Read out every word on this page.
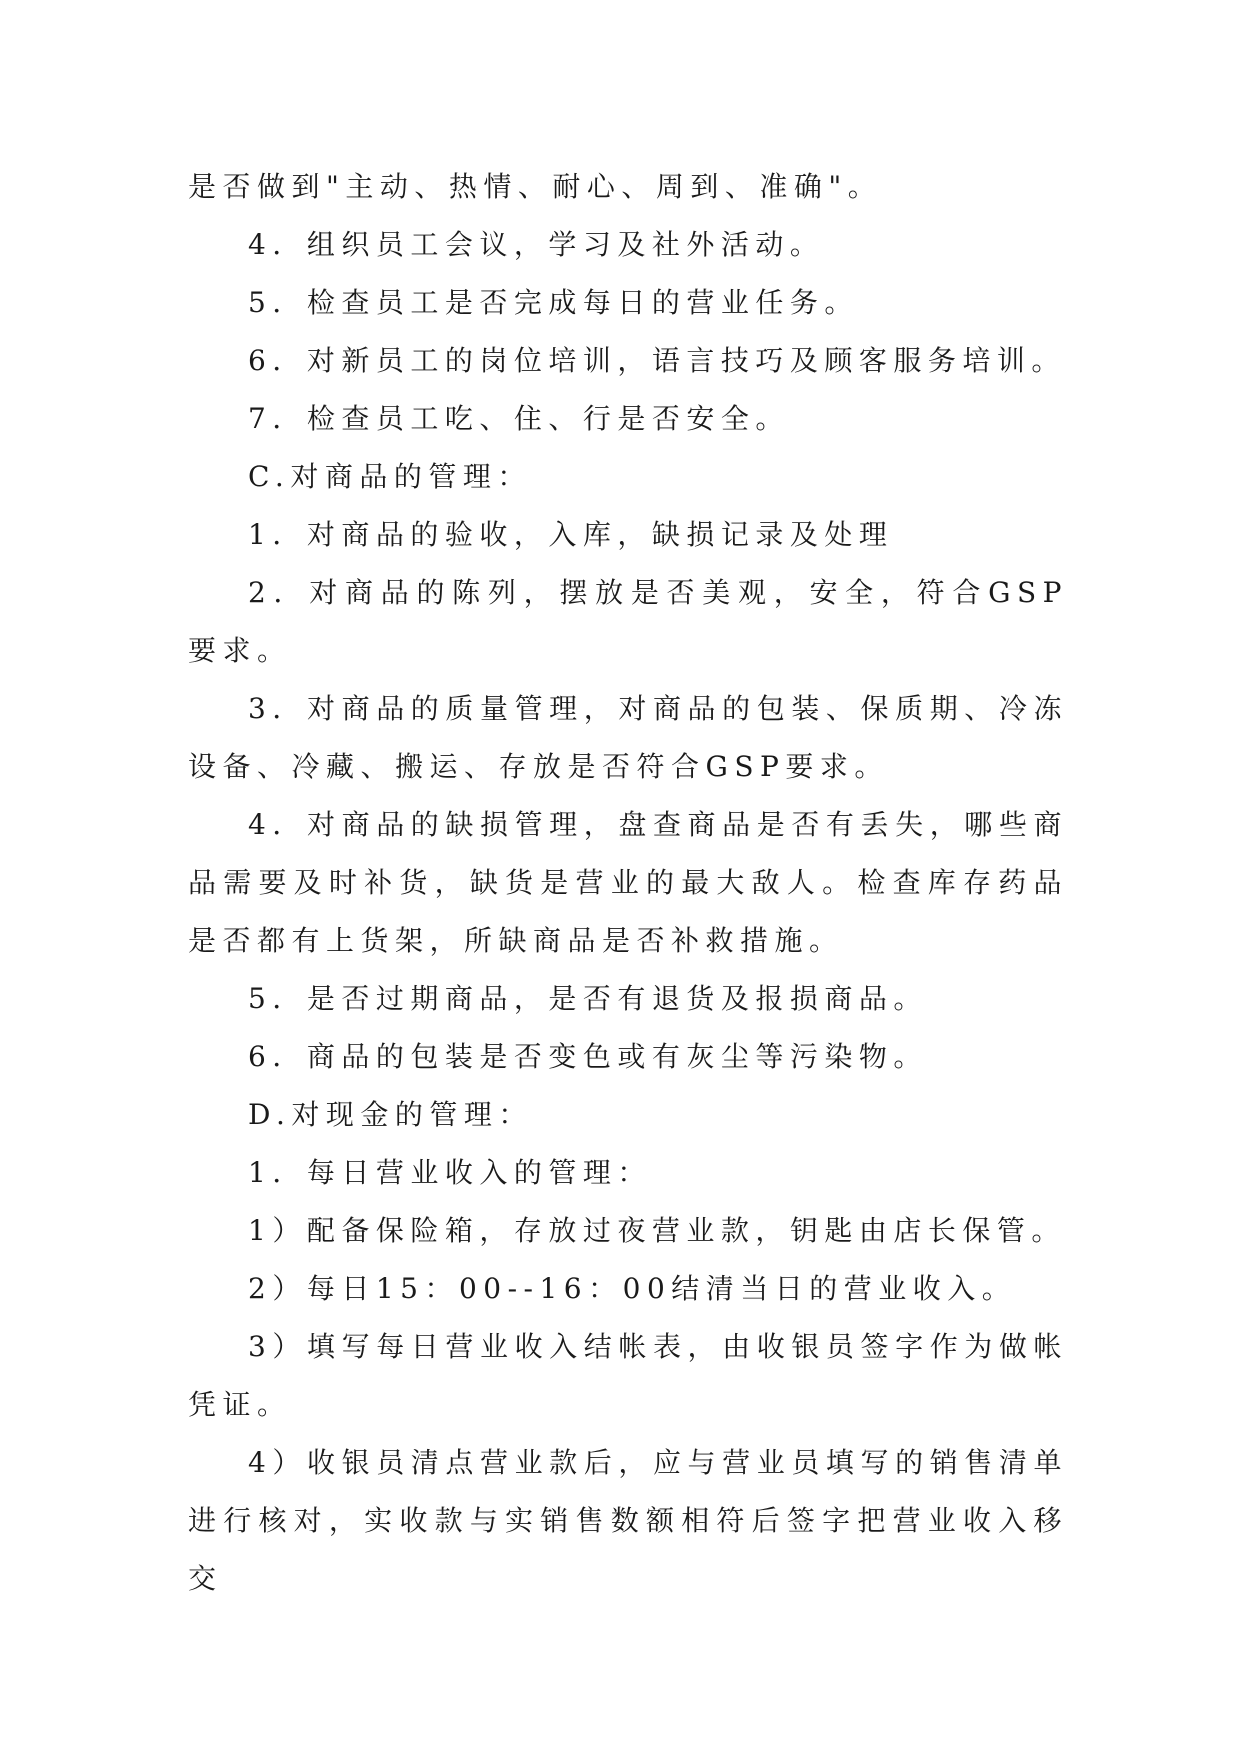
是否做到"主动、热情、耐心、周到、准确"。

4．组织员工会议，学习及社外活动。

5．检查员工是否完成每日的营业任务。

6．对新员工的岗位培训，语言技巧及顾客服务培训。

7．检查员工吃、住、行是否安全。

C.对商品的管理：

1．对商品的验收，入库，缺损记录及处理

2．对商品的陈列，摆放是否美观，安全，符合GSP要求。

3．对商品的质量管理，对商品的包装、保质期、冷冻设备、冷藏、搬运、存放是否符合GSP要求。

4．对商品的缺损管理，盘查商品是否有丢失，哪些商品需要及时补货，缺货是营业的最大敌人。检查库存药品是否都有上货架，所缺商品是否补救措施。

5．是否过期商品，是否有退货及报损商品。

6．商品的包装是否变色或有灰尘等污染物。

D.对现金的管理：

1．每日营业收入的管理：

1）配备保险箱，存放过夜营业款，钥匙由店长保管。

2）每日15：00--16：00结清当日的营业收入。

3）填写每日营业收入结帐表，由收银员签字作为做帐凭证。

4）收银员清点营业款后，应与营业员填写的销售清单进行核对，实收款与实销售数额相符后签字把营业收入移交
